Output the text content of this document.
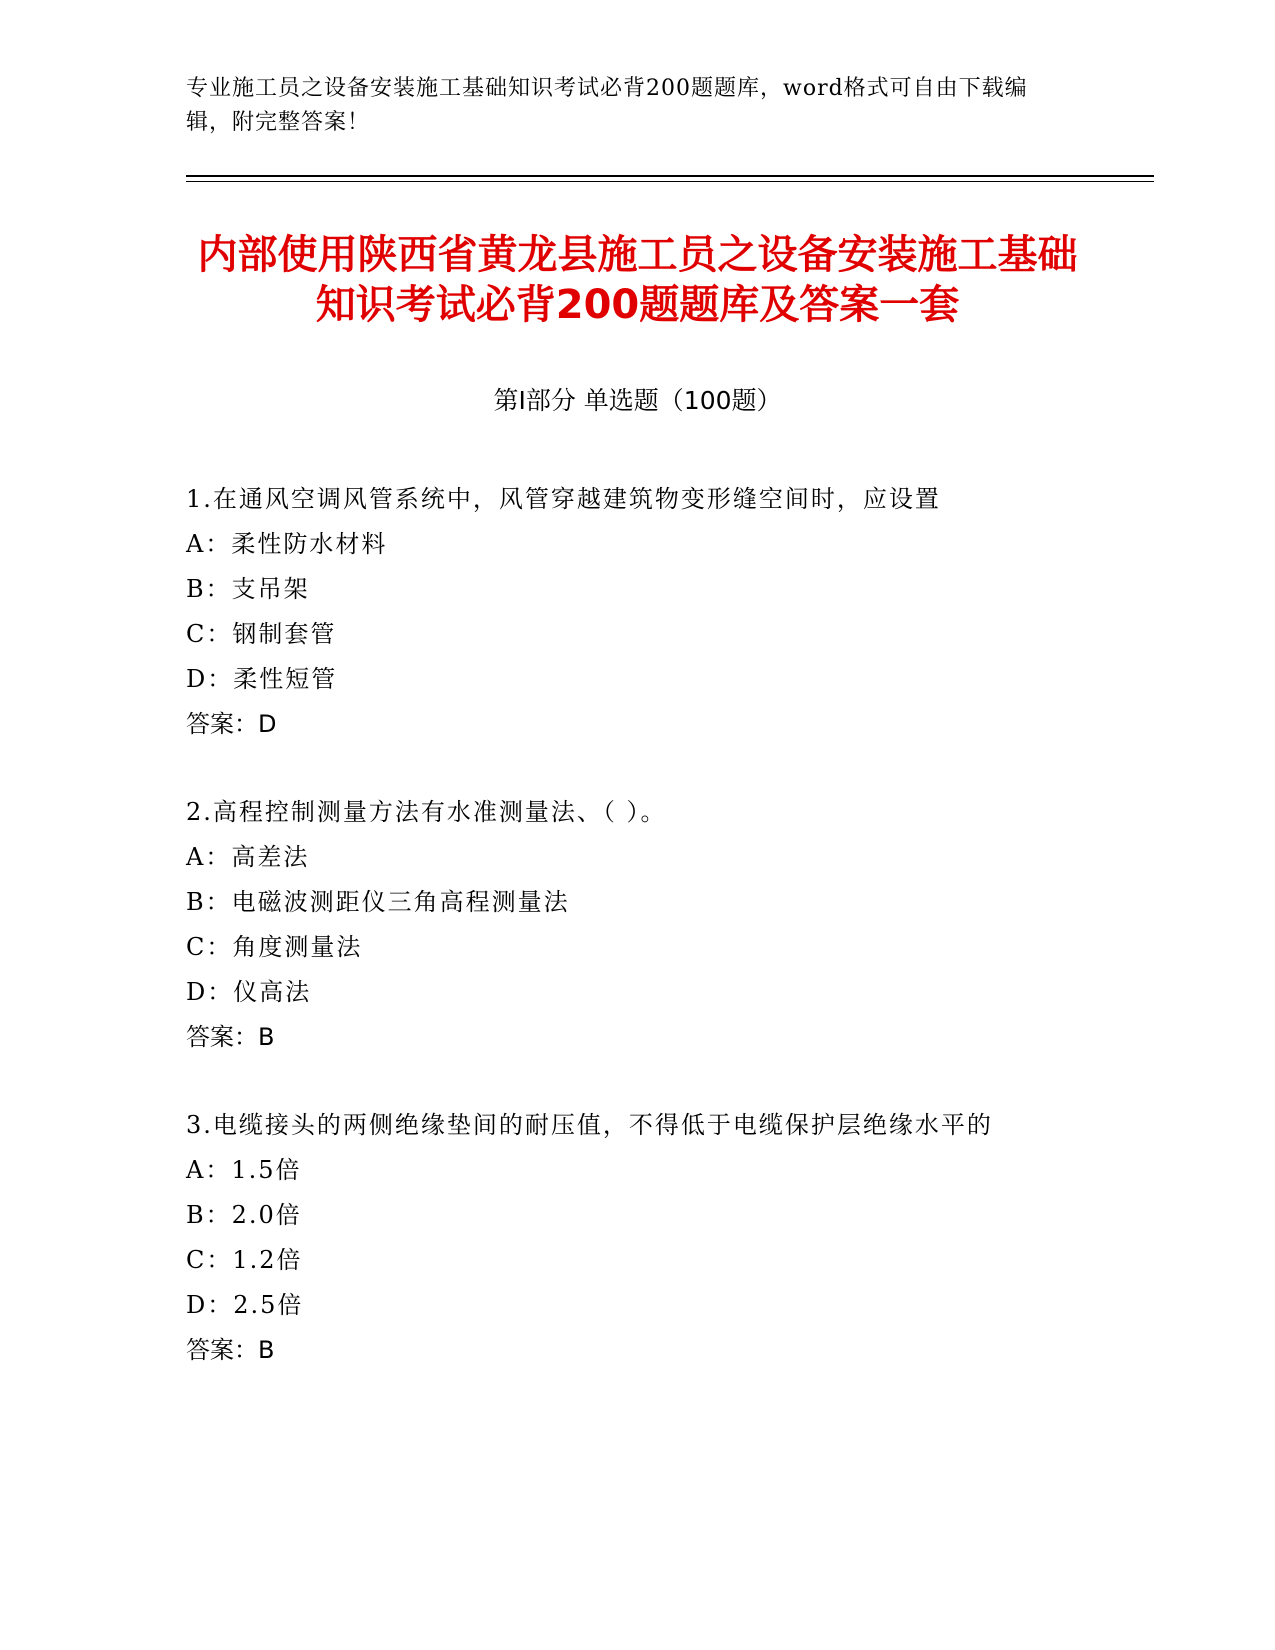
专业施工员之设备安装施工基础知识考试必背200题题库，word格式可自由下载编辑，附完整答案！
内部使用陕西省黄龙县施工员之设备安装施工基础知识考试必背200题题库及答案一套
第Ⅰ部分 单选题（100题）
1.在通风空调风管系统中，风管穿越建筑物变形缝空间时，应设置
A：柔性防水材料
B：支吊架
C：钢制套管
D：柔性短管
答案：D
2.高程控制测量方法有水准测量法、（ ）。
A：高差法
B：电磁波测距仪三角高程测量法
C：角度测量法
D：仪高法
答案：B
3.电缆接头的两侧绝缘垫间的耐压值，不得低于电缆保护层绝缘水平的
A：1.5倍
B：2.0倍
C：1.2倍
D：2.5倍
答案：B
